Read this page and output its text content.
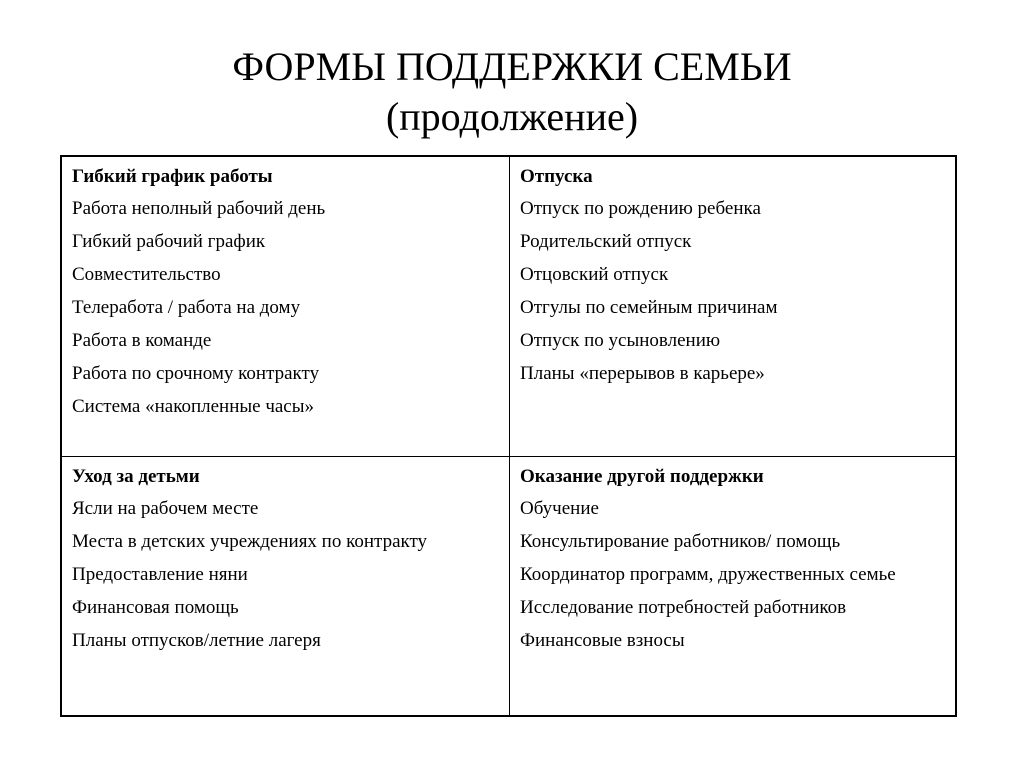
ФОРМЫ ПОДДЕРЖКИ СЕМЬИ
(продолжение)
Гибкий график работы
Работа неполный рабочий день
Гибкий рабочий график
Совместительство
Телеработа / работа на дому
Работа в команде
Работа по срочному контракту
Система «накопленные часы»
Отпуска
Отпуск по рождению ребенка
Родительский отпуск
Отцовский отпуск
Отгулы по семейным причинам
Отпуск по усыновлению
Планы «перерывов в карьере»
Уход за детьми
Ясли на рабочем месте
Места в детских учреждениях по контракту
Предоставление няни
Финансовая помощь
Планы отпусков/летние лагеря
Оказание другой поддержки
Обучение
Консультирование работников/ помощь
Координатор программ, дружественных семье
Исследование потребностей работников
Финансовые взносы
